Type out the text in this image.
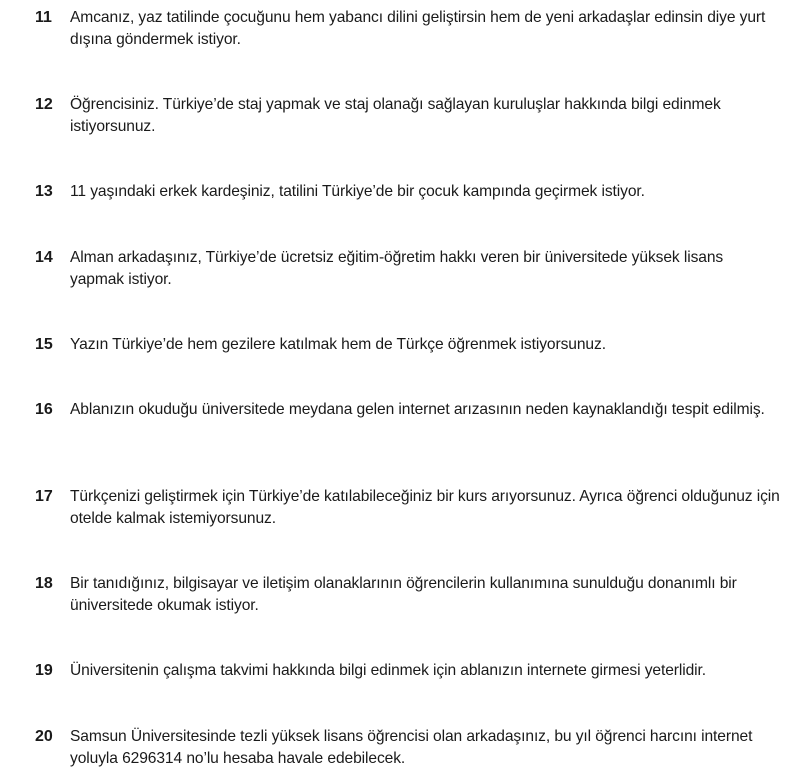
11 Amcanız, yaz tatilinde çocuğunu hem yabancı dilini geliştirsin hem de yeni arkadaşlar edinsin diye yurt dışına göndermek istiyor.
12 Öğrencisiniz. Türkiye’de staj yapmak ve staj olanağı sağlayan kuruluşlar hakkında bilgi edinmek istiyorsunuz.
13 11 yaşındaki erkek kardeşiniz, tatilini Türkiye’de bir çocuk kampında geçirmek istiyor.
14 Alman arkadaşınız, Türkiye’de ücretsiz eğitim-öğretim hakkı veren bir üniversitede yüksek lisans yapmak istiyor.
15 Yazın Türkiye’de hem gezilere katılmak hem de Türkçe öğrenmek istiyorsunuz.
16 Ablanızın okuduğu üniversitede meydana gelen internet arızasının neden kaynaklandığı tespit edilmiş.
17 Türkçenizi geliştirmek için Türkiye’de katılabileceğiniz bir kurs arıyorsunuz. Ayrıca öğrenci olduğunuz için otelde kalmak istemiyorsunuz.
18 Bir tanıdığınız, bilgisayar ve iletişim olanaklarının öğrencilerin kullanımına sunulduğu donanımlı bir üniversitede okumak istiyor.
19 Üniversitenin çalışma takvimi hakkında bilgi edinmek için ablanızın internete girmesi yeterlidir.
20 Samsun Üniversitesinde tezli yüksek lisans öğrencisi olan arkadaşınız, bu yıl öğrenci harcını internet yoluyla 6296314 no’lu hesaba havale edebilecek.
